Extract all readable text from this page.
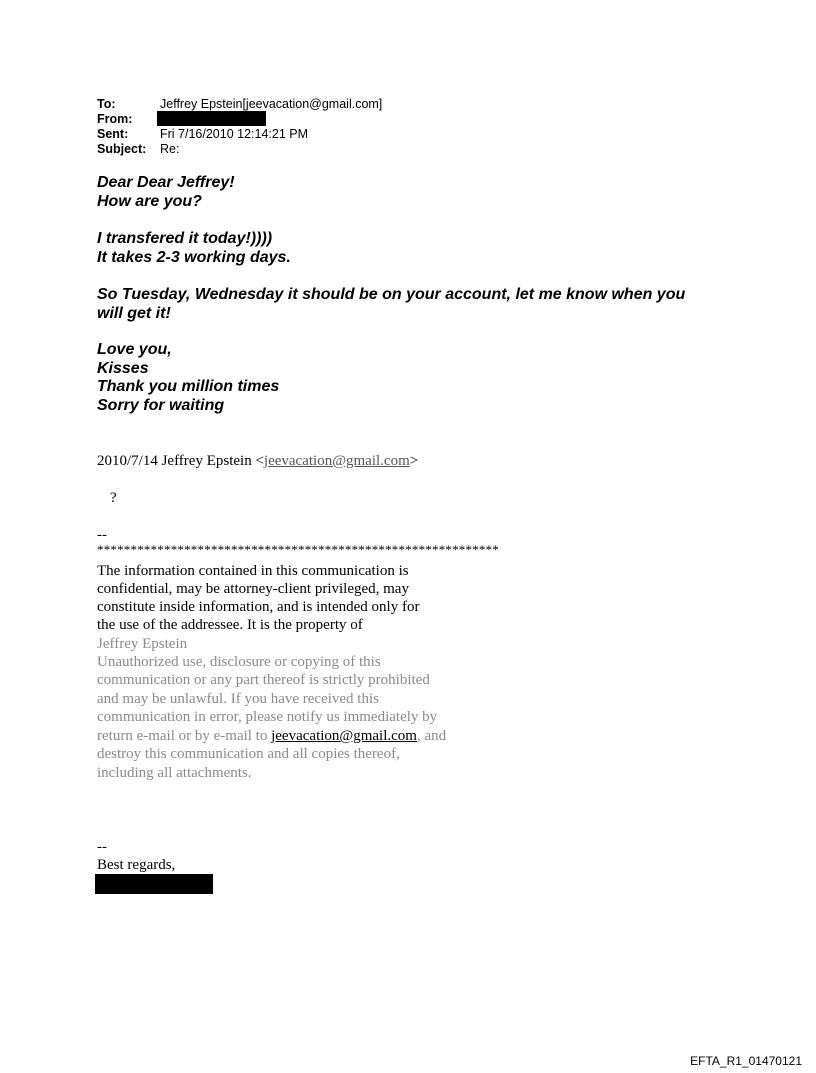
To:	Jeffrey Epstein[jeevacation@gmail.com]
From:
Sent:	Fri 7/16/2010 12:14:21 PM
Subject: Re:
Dear Dear Jeffrey!
How are you?
I transfered it today!))))
It takes 2-3 working days.
So Tuesday, Wednesday it should be on your account, let me know when you
will get it!
Love you,
Kisses
Thank you million times
Sorry for waiting
2010/7/14 Jeffrey Epstein <jeevacation@gmail.com>
?
--
************************************************************
The information contained in this communication is
confidential, may be attorney-client privileged, may
constitute inside information, and is intended only for
the use of the addressee. It is the property of
Jeffrey Epstein
Unauthorized use, disclosure or copying of this
communication or any part thereof is strictly prohibited
and may be unlawful. If you have received this
communication in error, please notify us immediately by
return e-mail or by e-mail to jeevacation@gmail.com, and
destroy this communication and all copies thereof,
including all attachments.
--
Best regards,
EFTA_R1_01470121
